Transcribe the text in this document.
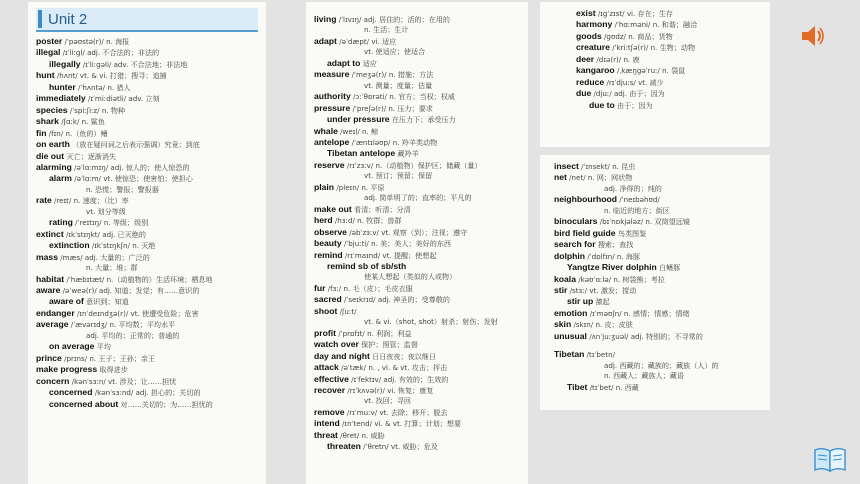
Unit 2
poster /ˈpəʊstə(r)/ n. 海报
illegal /ɪˈliːgl/ adj. 不合法的；非法的
illegally /ɪˈliːgəli/ adv. 不合法地；非法地
hunt /hʌnt/ vt. & vi. 打猎；搜寻；追捕
hunter /ˈhʌntə/ n. 猎人
immediately /ɪˈmiːdiətli/ adv. 立刻
species /ˈspiːʃiːz/ n. 物种
shark /ʃɑːk/ n. 鲨鱼
fin /fɪn/ n.（鱼的）鳍
on earth （放在疑问词之后表示强调）究竟；到底
die out 灭亡；逐渐消失
alarming /əˈlɑːmɪŋ/ adj. 惊人的；使人惊恐的
alarm /əˈlɑːm/ vt. 使惊恐；使害怕；使担心
n. 恐慌；警报；警报器
rate /reɪt/ n. 速度；（比）率
vt. 划分等级
rating /ˈreɪtɪŋ/ n. 等级；级别
extinct /ɪkˈstɪŋkt/ adj. 已灭绝的
extinction /ɪkˈstɪŋkʃn/ n. 灭绝
mass /mæs/ adj. 大量的；广泛的
n. 大量；堆；群
habitat /ˈhæbɪtæt/ n.（动植物的）生活环境；栖息地
aware /əˈweə(r)/ adj. 知道；发觉；有……意识的
aware of 意识到；知道
endanger /ɪnˈdeɪndʒə(r)/ vt. 使遭受危险；危害
average /ˈævərɪdʒ/ n. 平均数；平均水平
adj. 平均的；正常的；普通的
on average 平均
prince /prɪns/ n. 王子；王孙；亲王
make progress 取得进步
concern /kənˈsɜːn/ vt. 涉及；让……担忧
concerned /kənˈsɜːnd/ adj. 担心的；关切的
concerned about 对……关切的；为……担忧的
living /ˈlɪvɪŋ/ adj. 居住的；活的；在用的
n. 生活；生计
adapt /əˈdæpt/ vi. 适应
vt. 使适应；使适合
adapt to 适应
measure /ˈmeʒə(r)/ n. 措施；方法
vt. 测量；度量；估量
authority /ɔːˈθɒrəti/ n. 官方；当权；权威
pressure /ˈpreʃə(r)/ n. 压力；要求
under pressure 在压力下；承受压力
whale /weɪl/ n. 鲸
antelope /ˈæntɪləʊp/ n. 羚羊类动物
Tibetan antelope 藏羚羊
reserve /rɪˈzɜːv/ n.（动植物）保护区；储藏（量）
vt. 预订；预留；保留
plain /pleɪn/ n. 平原
adj. 简单明了的；直率的；平凡的
make out 看清；听清；分清
herd /hɜːd/ n. 牧群；兽群
observe /əbˈzɜːv/ vt. 观察（到）；注视；遵守
beauty /ˈbjuːti/ n. 美；美人；美好的东西
remind /rɪˈmaɪnd/ vt. 提醒；使想起
remind sb of sb/sth
使某人想起（类似的人或物）
fur /fɜː/ n. 毛（皮）；毛皮衣服
sacred /ˈseɪkrɪd/ adj. 神圣的；受尊敬的
shoot /ʃuːt/
vt. & vi.（shot, shot）射杀；射伤；发射
profit /ˈprɒfɪt/ n. 利润；利益
watch over 保护；照管；监督
day and night 日日夜夜；夜以继日
attack /əˈtæk/ n. , vi. & vt. 攻击；抨击
effective /ɪˈfektɪv/ adj. 有效的；生效的
recover /rɪˈkʌvə(r)/ vi. 恢复；康复
vt. 找回；寻回
remove /rɪˈmuːv/ vt. 去除；移开；脱去
intend /ɪnˈtend/ vi. & vt. 打算；计划；想要
threat /θret/ n. 威胁
threaten /ˈθretn/ vt. 威胁；危及
exist /ɪgˈzɪst/ vi. 存在；生存
harmony /ˈhɑːməni/ n. 和谐；融洽
goods /gʊdz/ n. 商品；货物
creature /ˈkriːtʃə(r)/ n. 生物；动物
deer /dɪə(r)/ n. 鹿
kangaroo /ˌkæŋgəˈruː/ n. 袋鼠
reduce /rɪˈdjuːs/ vt. 减少
due /djuː/ adj. 由于；因为
due to 由于；因为
insect /ˈɪnsekt/ n. 昆虫
net /net/ n. 网；网状物
adj. 净得的；纯的
neighbourhood /ˈneɪbəhʊd/
n. 临近的地方；街区
binoculars /bɪˈnɒkjələz/ n. 双筒望远镜
bird field guide 鸟类图鉴
search for 搜索；查找
dolphin /ˈdɒlfɪn/ n. 海豚
Yangtze River dolphin 白鳍豚
koala /kəʊˈɑːlə/ n. 树袋熊；考拉
stir /stɜː/ vt. 激发；搅动
stir up 激起
emotion /ɪˈməʊʃn/ n. 感情；情感；情绪
skin /skɪn/ n. 皮；皮肤
unusual /ʌnˈjuːʒuəl/ adj. 特别的；不寻常的
Tibetan /tɪˈbetn/
adj. 西藏的；藏族的；藏族（人）的
n. 西藏人；藏族人；藏语
Tibet /tɪˈbet/ n. 西藏
